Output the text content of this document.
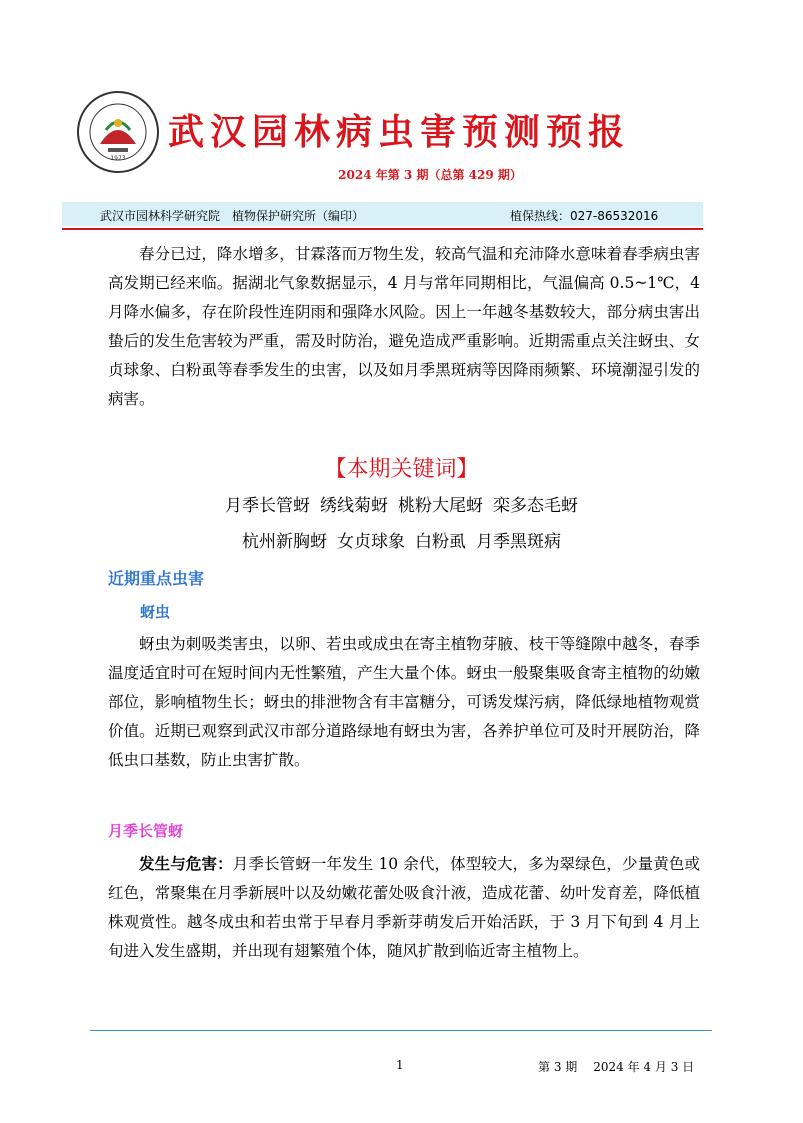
1973
武汉园林病虫害预测预报
2024 年第 3 期（总第 429 期）
武汉市园林科学研究院　植物保护研究所（编印）	植保热线：027-86532016

春分已过，降水增多，甘霖落而万物生发，较高气温和充沛降水意味着春季病虫害高发期已经来临。据湖北气象数据显示，4 月与常年同期相比，气温偏高 0.5~1℃，4 月降水偏多，存在阶段性连阴雨和强降水风险。因上一年越冬基数较大，部分病虫害出蛰后的发生危害较为严重，需及时防治，避免造成严重影响。近期需重点关注蚜虫、女贞球象、白粉虱等春季发生的虫害，以及如月季黑斑病等因降雨频繁、环境潮湿引发的病害。

【本期关键词】
月季长管蚜 绣线菊蚜 桃粉大尾蚜 栾多态毛蚜
杭州新胸蚜 女贞球象 白粉虱 月季黑斑病
近期重点虫害
蚜虫

蚜虫为刺吸类害虫，以卵、若虫或成虫在寄主植物芽腋、枝干等缝隙中越冬，春季温度适宜时可在短时间内无性繁殖，产生大量个体。蚜虫一般聚集吸食寄主植物的幼嫩部位，影响植物生长；蚜虫的排泄物含有丰富糖分，可诱发煤污病，降低绿地植物观赏价值。近期已观察到武汉市部分道路绿地有蚜虫为害，各养护单位可及时开展防治，降低虫口基数，防止虫害扩散。

月季长管蚜

发生与危害：月季长管蚜一年发生 10 余代，体型较大，多为翠绿色，少量黄色或红色，常聚集在月季新展叶以及幼嫩花蕾处吸食汁液，造成花蕾、幼叶发育差，降低植株观赏性。越冬成虫和若虫常于早春月季新芽萌发后开始活跃，于 3 月下旬到 4 月上旬进入发生盛期，并出现有翅繁殖个体，随风扩散到临近寄主植物上。

1	第 3 期 2024 年 4 月 3 日
